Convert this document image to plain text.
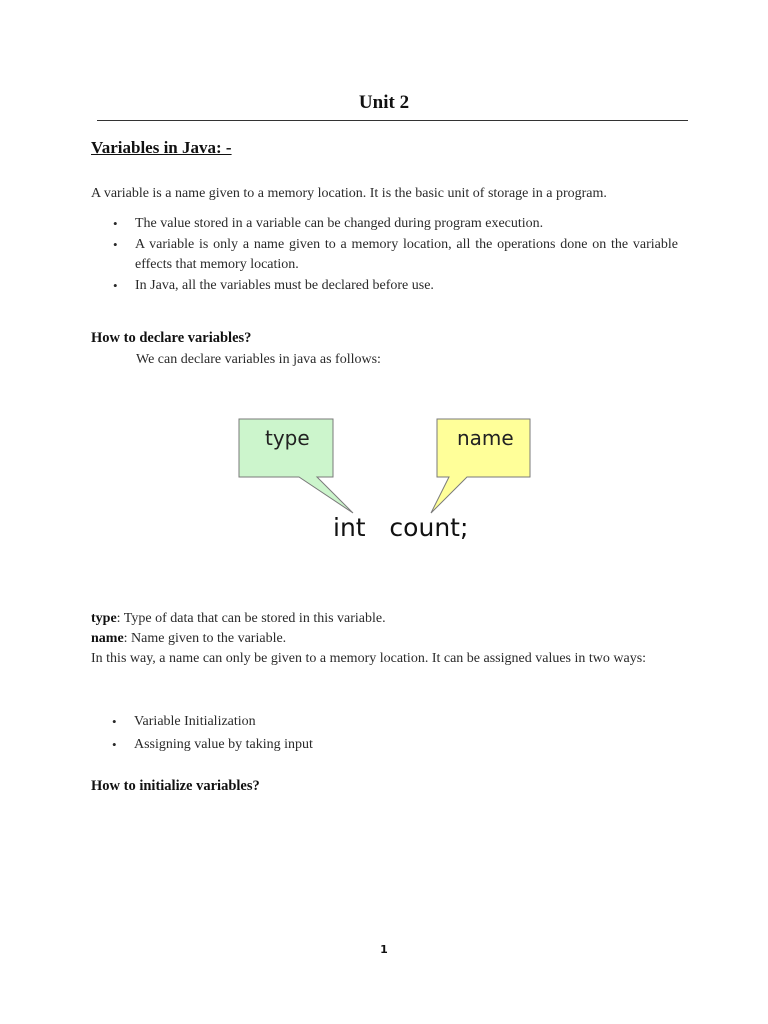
Unit 2
Variables in Java: -
A variable is a name given to a memory location. It is the basic unit of storage in a program.
• The value stored in a variable can be changed during program execution.
• A variable is only a name given to a memory location, all the operations done on the variable effects that memory location.
• In Java, all the variables must be declared before use.
How to declare variables?
We can declare variables in java as follows:
type	name
int   count;
type: Type of data that can be stored in this variable.
name: Name given to the variable.
In this way, a name can only be given to a memory location. It can be assigned values in two ways:
• Variable Initialization
• Assigning value by taking input
How to initialize variables?
1
